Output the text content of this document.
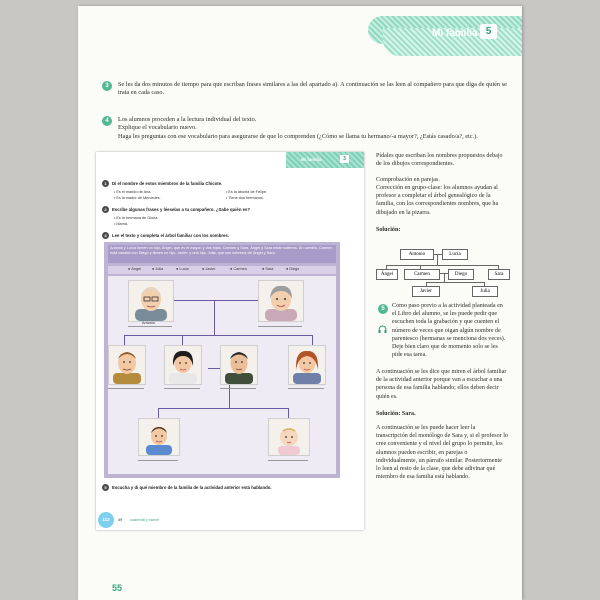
Mi familia 5
3	Se les da dos minutos de tiempo para que escriban frases similares a las del apartado a). A continuación se las leen al compañero para que diga de quién se trata en cada caso.
4	Los alumnos proceden a la lectura individual del texto.
Explique el vocabulario nuevo.
Haga les preguntas con ese vocabulario para asegurarse de que lo comprenden (¿Cómo se llama tu hermano/-a mayor?, ¿Estás casado/a?, etc.).
Mi familia	3
1	Di el nombre de estos miembros de la familia Chicote.
• Es el marido de Ana.
• Es la madre de Mercedes.
• Es la abuela de Felipe.
• Tiene dos hermanos.
2	Escribe algunas frases y léeselas a tu compañero. ¿Sabe quién es?
• Es la hermana de Gloria.
• Mamá.
4	Lee el texto y completa el árbol familiar con los nombres.
Antonio y Lucía tienen un hijo, Ángel, que es el mayor, y dos hijas, Carmen y Sara. Ángel y Sara están solteros. En cambio, Carmen está casada con Diego y tienen un hijo, Javier, y una hija, Julia, que son sobrinos de Ángel y Sara.
● Ángel	● Julia	● Lucía	● Javier	● Carmen	● Sara	● Diego
Antonio
5	Escucha y di qué miembro de la familia de la actividad anterior está hablando.
112	49 cuarenta y nueve
Pídales que escriban los nombres propuestos debajo de los dibujos correspondientes.
Comprobación en parejas.
Corrección en grupo-clase: los alumnos ayudan al profesor a completar el árbol genealógico de la familia, con los correspondientes nombres, que ha dibujado en la pizarra.
Solución:
Antonio	Lucía
Ángel	Carmen	Diego	Sara
Javier	Julia
5	Como paso previo a la actividad planteada en el Libro del alumno, se les puede pedir que escuchen toda la grabación y que cuenten el número de veces que oigan algún nombre de parentesco (hermanas se menciona dos veces). Deje bien claro que de momento solo se les pide esa tarea.
A continuación se les dice que miren el árbol familiar de la actividad anterior porque van a escuchar a una persona de esa familia hablando; ellos deben decir quién es.
Solución: Sara.
A continuación se les puede hacer leer la transcripción del monólogo de Sara y, si el profesor lo cree conveniente y el nivel del grupo lo permite, los alumnos pueden escribir, en parejas o individualmente, un párrafo similar. Posteriormente lo leen al resto de la clase, que debe adivinar qué miembro de esa familia está hablando.
55
